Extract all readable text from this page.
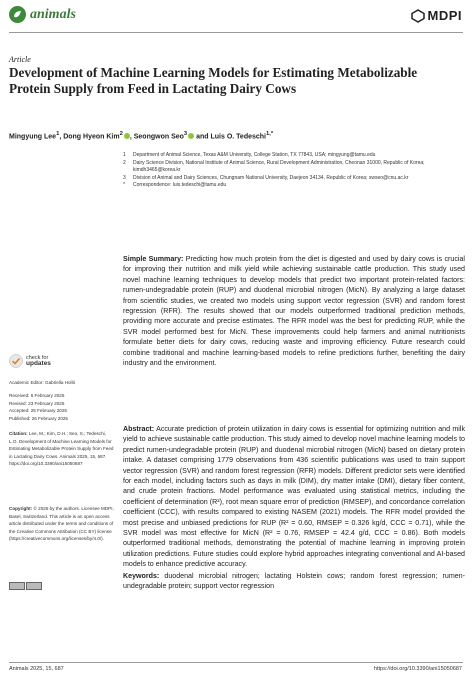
animals	MDPI
Article
Development of Machine Learning Models for Estimating Metabolizable Protein Supply from Feed in Lactating Dairy Cows
Mingyung Lee$^1$, Dong Hyeon Kim$^2$ , Seongwon Seo$^3$ and Luis O. Tedeschi$^{1,*}$
1	Department of Animal Science, Texas A&M University, College Station, TX 77843, USA; mingyung@tamu.edu
2	Dairy Science Division, National Institute of Animal Science, Rural Development Administration, Cheonan 31000, Republic of Korea; kimdh3465@korea.kr
3	Division of Animal and Dairy Sciences, Chungnam National University, Daejeon 34134, Republic of Korea; swseo@cnu.ac.kr
*	Correspondence: luis.tedeschi@tamu.edu
Simple Summary: Predicting how much protein from the diet is digested and used by dairy cows is crucial for improving their nutrition and milk yield while achieving sustainable cattle production. This study used novel machine learning techniques to develop models that predict two important protein-related factors: rumen-undegradable protein (RUP) and duodenal microbial nitrogen (MicN). By analyzing a large dataset from scientific studies, we created two models using support vector regression (SVR) and random forest regression (RFR). The results showed that our models outperformed traditional prediction methods, providing more accurate and precise estimates. The RFR model was the best for predicting RUP, while the SVR model performed best for MicN. These improvements could help farmers and animal nutritionists formulate better diets for dairy cows, reducing waste and improving efficiency. Future research could combine traditional and machine learning-based models to refine predictions further, benefiting the dairy industry and the environment.
Abstract: Accurate prediction of protein utilization in dairy cows is essential for optimizing nutrition and milk yield to achieve sustainable cattle production. This study aimed to develop novel machine learning models to predict rumen-undegradable protein (RUP) and duodenal microbial nitrogen (MicN) based on dietary protein intake. A dataset comprising 1779 observations from 436 scientific publications was used to train support vector regression (SVR) and random forest regression (RFR) models. Different predictor sets were identified for each model, including factors such as days in milk (DIM), dry matter intake (DMI), dietary fiber content, and crude protein fractions. Model performance was evaluated using statistical metrics, including the coefficient of determination (R²), root mean square error of prediction (RMSEP), and concordance correlation coefficient (CCC), with results compared to existing NASEM (2021) models. The RFR model provided the most precise and unbiased predictions for RUP (R² = 0.60, RMSEP = 0.326 kg/d, CCC = 0.71), while the SVR model was most effective for MicN (R² = 0.76, RMSEP = 42.4 g/d, CCC = 0.86). Both models outperformed traditional methods, demonstrating the potential of machine learning in improving protein utilization predictions. Future studies could explore hybrid approaches integrating conventional and AI-based models to enhance predictive accuracy.
Keywords: duodenal microbial nitrogen; lactating Holstein cows; random forest regression; rumen-undegradable protein; support vector regression
check for
updates
Academic Editor: Gabriella Holló
Received: 6 February 2025
Revised: 23 February 2025
Accepted: 25 February 2025
Published: 26 February 2025
Citation: Lee, M.; Kim, D.H.; Seo, S.; Tedeschi, L.O. Development of Machine Learning Models for Estimating Metabolizable Protein Supply from Feed in Lactating Dairy Cows. Animals 2025, 15, 687. https://doi.org/10.3390/ani15050687
Copyright: © 2025 by the authors. Licensee MDPI, Basel, Switzerland. This article is an open access article distributed under the terms and conditions of the Creative Commons Attribution (CC BY) license (https://creativecommons.org/licenses/by/4.0/).
Animals 2025, 15, 687	https://doi.org/10.3390/ani15050687
